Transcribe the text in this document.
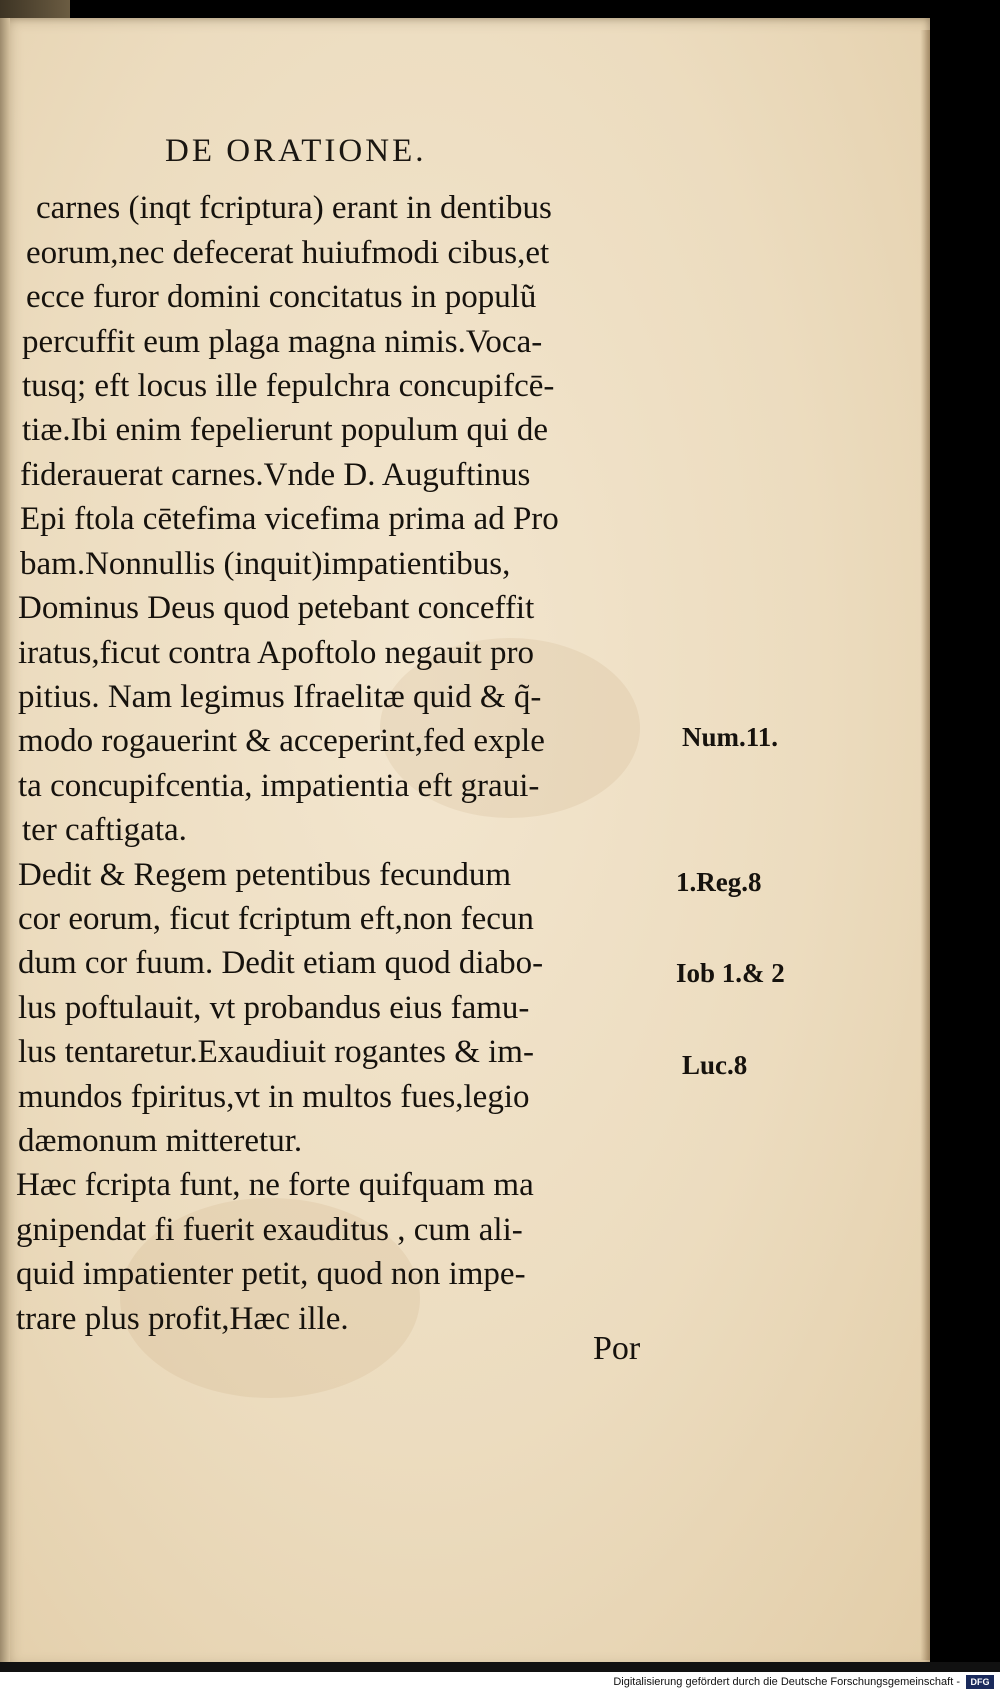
DE ORATIONE.
carnes (inqt fcriptura) erant in dentibus
eorum,nec defecerat huiufmodi cibus,et
ecce furor domini concitatus in populũ
percuffit eum plaga magna nimis.Voca-
tusq; eft locus ille fepulchra concupifcē-
tiæ.Ibi enim fepelierunt populum qui de
fiderauerat carnes.Vnde D. Auguftinus
Epi ftola cētefima vicefima prima ad Pro
bam.Nonnullis (inquit)impatientibus,
Dominus Deus quod petebant conceffit
iratus,ficut contra Apoftolo negauit pro
pitius. Nam legimus Ifraelitæ quid & q̃-
modo rogauerint & acceperint,fed exple
ta concupifcentia, impatientia eft graui-
ter caftigata.
Dedit & Regem petentibus fecundum
cor eorum, ficut fcriptum eft,non fecun
dum cor fuum. Dedit etiam quod diabo-
lus poftulauit, vt probandus eius famu-
lus tentaretur.Exaudiuit rogantes & im-
mundos fpiritus,vt in multos fues,legio
dæmonum mitteretur.
Hæc fcripta funt, ne forte quifquam ma
gnipendat fi fuerit exauditus , cum ali-
quid impatienter petit, quod non impe-
trare plus profit,Hæc ille.
Num.11.
1.Reg.8
Iob 1.& 2
Luc.8
Por
Digitalisierung gefördert durch die Deutsche Forschungsgemeinschaft -	DFG
